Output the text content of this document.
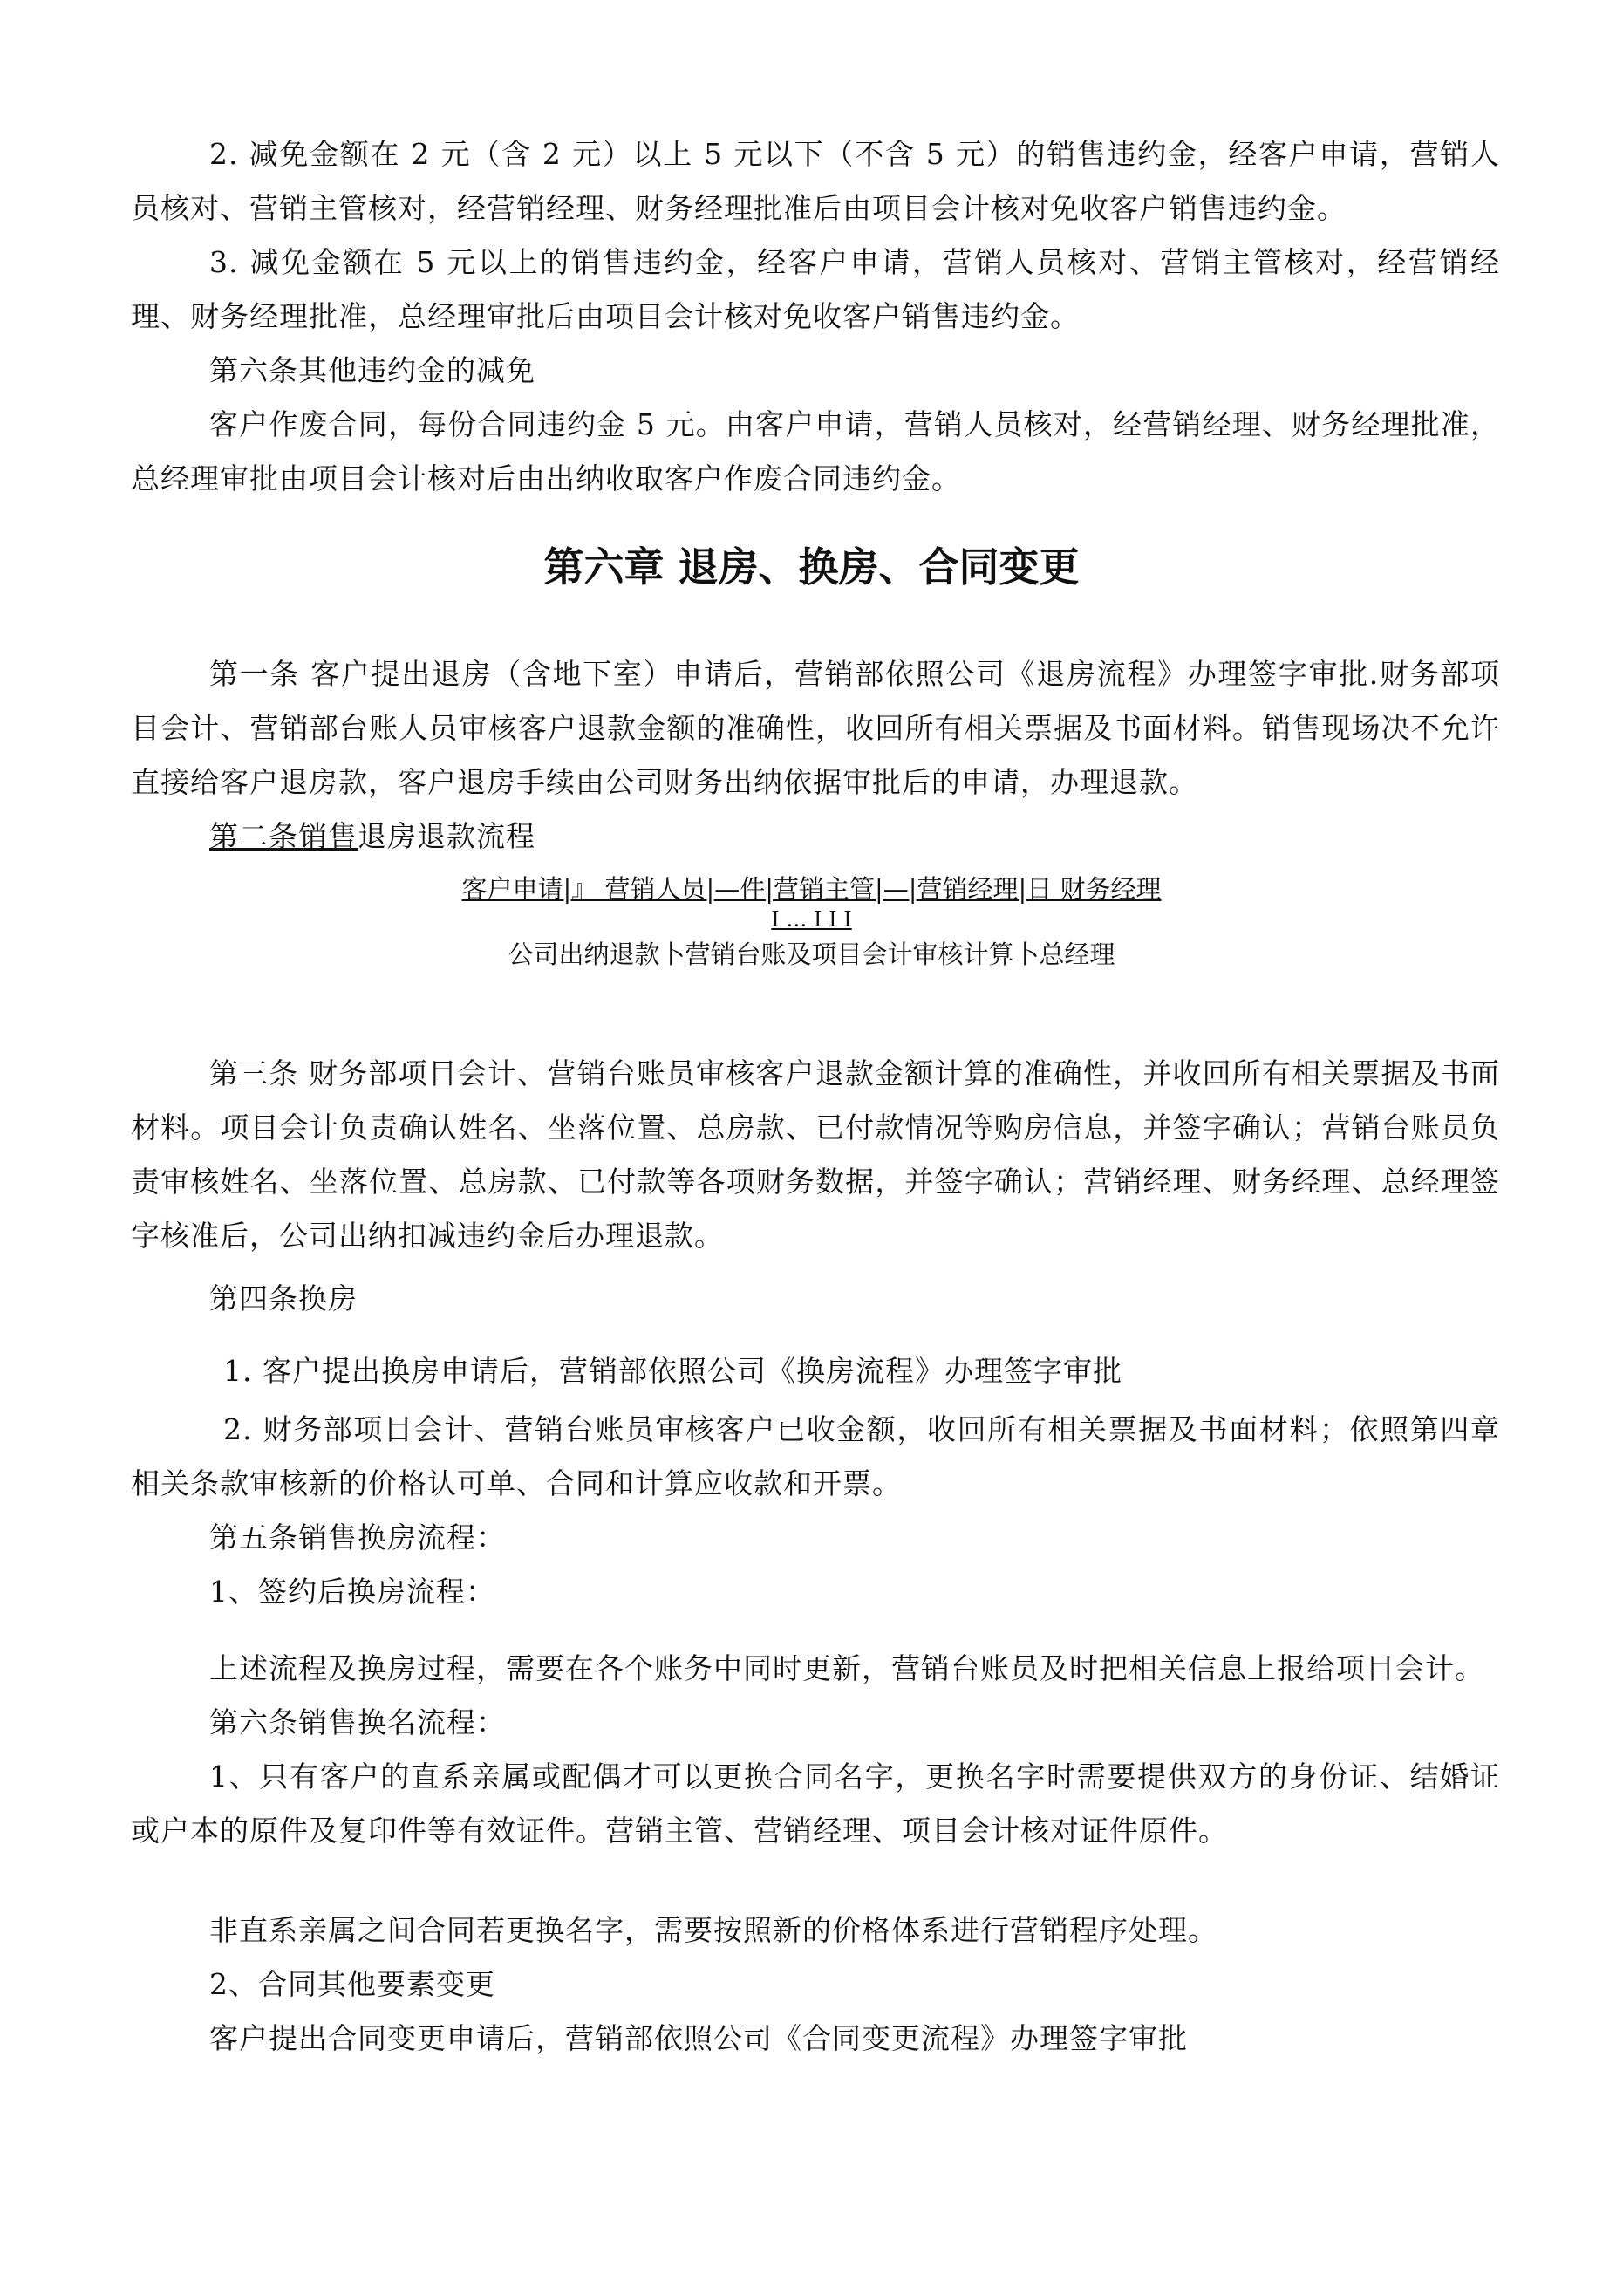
2. 减免金额在 2 元（含 2 元）以上 5 元以下（不含 5 元）的销售违约金，经客户申请，营销人员核对、营销主管核对，经营销经理、财务经理批准后由项目会计核对免收客户销售违约金。

3. 减免金额在 5 元以上的销售违约金，经客户申请，营销人员核对、营销主管核对，经营销经理、财务经理批准，总经理审批后由项目会计核对免收客户销售违约金。

第六条其他违约金的减免

客户作废合同，每份合同违约金 5 元。由客户申请，营销人员核对，经营销经理、财务经理批准，总经理审批由项目会计核对后由出纳收取客户作废合同违约金。

第六章 退房、换房、合同变更

第一条 客户提出退房（含地下室）申请后，营销部依照公司《退房流程》办理签字审批.财务部项目会计、营销部台账人员审核客户退款金额的准确性，收回所有相关票据及书面材料。销售现场决不允许直接给客户退房款，客户退房手续由公司财务出纳依据审批后的申请，办理退款。

第二条销售退房退款流程

客户申请|』 营销人员|—件|营销主管|—|营销经理|日 财务经理

I … I I I

公司出纳退款卜营销台账及项目会计审核计算卜总经理

第三条 财务部项目会计、营销台账员审核客户退款金额计算的准确性，并收回所有相关票据及书面材料。项目会计负责确认姓名、坐落位置、总房款、已付款情况等购房信息，并签字确认；营销台账员负责审核姓名、坐落位置、总房款、已付款等各项财务数据，并签字确认；营销经理、财务经理、总经理签字核准后，公司出纳扣减违约金后办理退款。

第四条换房

1. 客户提出换房申请后，营销部依照公司《换房流程》办理签字审批

2. 财务部项目会计、营销台账员审核客户已收金额，收回所有相关票据及书面材料；依照第四章相关条款审核新的价格认可单、合同和计算应收款和开票。

第五条销售换房流程：

1、签约后换房流程：

上述流程及换房过程，需要在各个账务中同时更新，营销台账员及时把相关信息上报给项目会计。

第六条销售换名流程：

1、只有客户的直系亲属或配偶才可以更换合同名字，更换名字时需要提供双方的身份证、结婚证或户本的原件及复印件等有效证件。营销主管、营销经理、项目会计核对证件原件。

非直系亲属之间合同若更换名字，需要按照新的价格体系进行营销程序处理。

2、合同其他要素变更

客户提出合同变更申请后，营销部依照公司《合同变更流程》办理签字审批
